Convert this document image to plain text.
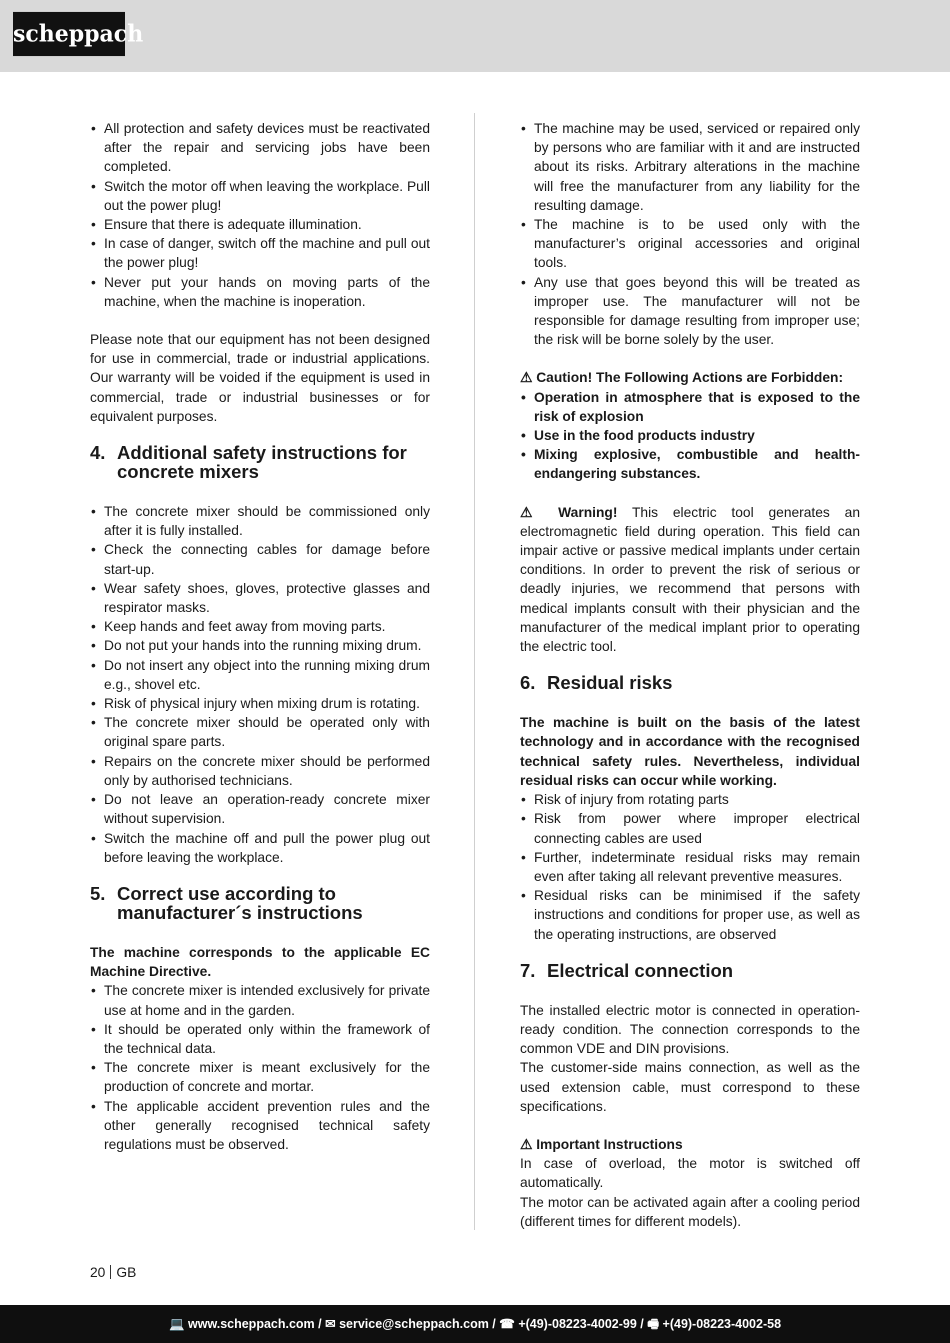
scheppach
• All protection and safety devices must be reactivated after the repair and servicing jobs have been completed.
• Switch the motor off when leaving the workplace. Pull out the power plug!
• Ensure that there is adequate illumination.
• In case of danger, switch off the machine and pull out the power plug!
• Never put your hands on moving parts of the machine, when the machine is inoperation.

Please note that our equipment has not been designed for use in commercial, trade or industrial applications. Our warranty will be voided if the equipment is used in commercial, trade or industrial businesses or for equivalent purposes.

4. Additional safety instructions for concrete mixers
• The concrete mixer should be commissioned only after it is fully installed.
• Check the connecting cables for damage before start-up.
• Wear safety shoes, gloves, protective glasses and respirator masks.
• Keep hands and feet away from moving parts.
• Do not put your hands into the running mixing drum.
• Do not insert any object into the running mixing drum e.g., shovel etc.
• Risk of physical injury when mixing drum is rotating.
• The concrete mixer should be operated only with original spare parts.
• Repairs on the concrete mixer should be performed only by authorised technicians.
• Do not leave an operation-ready concrete mixer without supervision.
• Switch the machine off and pull the power plug out before leaving the workplace.
5. Correct use according to manufacturer´s instructions

The machine corresponds to the applicable EC Machine Directive.

• The concrete mixer is intended exclusively for private use at home and in the garden.
• It should be operated only within the framework of the technical data.
• The concrete mixer is meant exclusively for the production of concrete and mortar.
• The applicable accident prevention rules and the other generally recognised technical safety regulations must be observed.
• The machine may be used, serviced or repaired only by persons who are familiar with it and are instructed about its risks. Arbitrary alterations in the machine will free the manufacturer from any liability for the resulting damage.
• The machine is to be used only with the manufacturer’s original accessories and original tools.
• Any use that goes beyond this will be treated as improper use. The manufacturer will not be responsible for damage resulting from improper use; the risk will be borne solely by the user.

⚠ Caution! The Following Actions are Forbidden:

• Operation in atmosphere that is exposed to the risk of explosion
• Use in the food products industry
• Mixing explosive, combustible and health-endangering substances.

⚠ Warning! This electric tool generates an electromagnetic field during operation. This field can impair active or passive medical implants under certain conditions. In order to prevent the risk of serious or deadly injuries, we recommend that persons with medical implants consult with their physician and the manufacturer of the medical implant prior to operating the electric tool.

6. Residual risks

The machine is built on the basis of the latest technology and in accordance with the recognised technical safety rules. Nevertheless, individual residual risks can occur while working.

• Risk of injury from rotating parts
• Risk from power where improper electrical connecting cables are used
• Further, indeterminate residual risks may remain even after taking all relevant preventive measures.
• Residual risks can be minimised if the safety instructions and conditions for proper use, as well as the operating instructions, are observed
7. Electrical connection

The installed electric motor is connected in operation-ready condition. The connection corresponds to the common VDE and DIN provisions.

The customer-side mains connection, as well as the used extension cable, must correspond to these specifications.

⚠ Important Instructions

In case of overload, the motor is switched off automatically.

The motor can be activated again after a cooling period (different times for different models).

20 GB
💻 www.scheppach.com / ✉ service@scheppach.com / ☎ +(49)-08223-4002-99 / 🖷 +(49)-08223-4002-58
